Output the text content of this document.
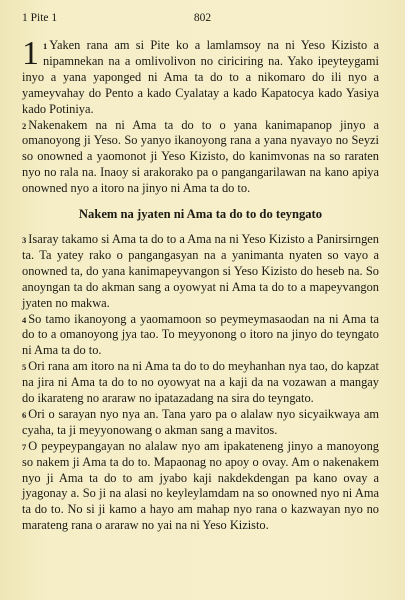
1 Pite 1	802

1 $^1$ Yaken rana am si Pite ko a lamlamsoy na ni Yeso Kizisto a nipamnekan na a omlivolivon no ciriciring na. Yako ipeyteygami inyo a yana yaponged ni Ama ta do to a nikomaro do ili nyo a yameyvahay do Pento a kado Cyalatay a kado Kapatocya kado Yasiya kado Potiniya.

$^2$ Nakenakem na ni Ama ta do to o yana kanimapanop jinyo a omanoyong ji Yeso. So yanyo ikanoyong rana a yana nyavayo no Seyzi so onowned a yaomonot ji Yeso Kizisto, do kanimvonas na so raraten nyo no rala na. Inaoy si arakorako pa o pangangarilawan na kano apiya onowned nyo a itoro na jinyo ni Ama ta do to.

Nakem na jyaten ni Ama ta do to do teyngato

$^3$ Isaray takamo si Ama ta do to a Ama na ni Yeso Kizisto a Panirsirngen ta. Ta yatey rako o pangangasyan na a yanimanta nyaten so vayo a onowned ta, do yana kanimapeyvangon si Yeso Kizisto do heseb na. So anoyngan ta do akman sang a oyowyat ni Ama ta do to a mapeyvangon jyaten no makwa.

$^4$ So tamo ikanoyong a yaomamoon so peymeymasaodan na ni Ama ta do to a omanoyong jya tao. To meyyonong o itoro na jinyo do teyngato ni Ama ta do to.

$^5$ Ori rana am itoro na ni Ama ta do to do meyhanhan nya tao, do kapzat na jira ni Ama ta do to no oyowyat na a kaji da na vozawan a mangay do ikarateng no araraw no ipatazadang na sira do teyngato.

$^6$ Ori o sarayan nyo nya an. Tana yaro pa o alalaw nyo sicyaikwaya am cyaha, ta ji meyyonowang o akman sang a mavitos.

$^7$ O peypeypangayan no alalaw nyo am ipakateneng jinyo a manoyong so nakem ji Ama ta do to. Mapaonag no apoy o ovay. Am o nakenakem nyo ji Ama ta do to am jyabo kaji nakdekdengan pa kano ovay a jyagonay a. So ji na alasi no keyleylamdam na so onowned nyo ni Ama ta do to. No si ji kamo a hayo am mahap nyo rana o kazwayan nyo no marateng rana o araraw no yai na ni Yeso Kizisto.
